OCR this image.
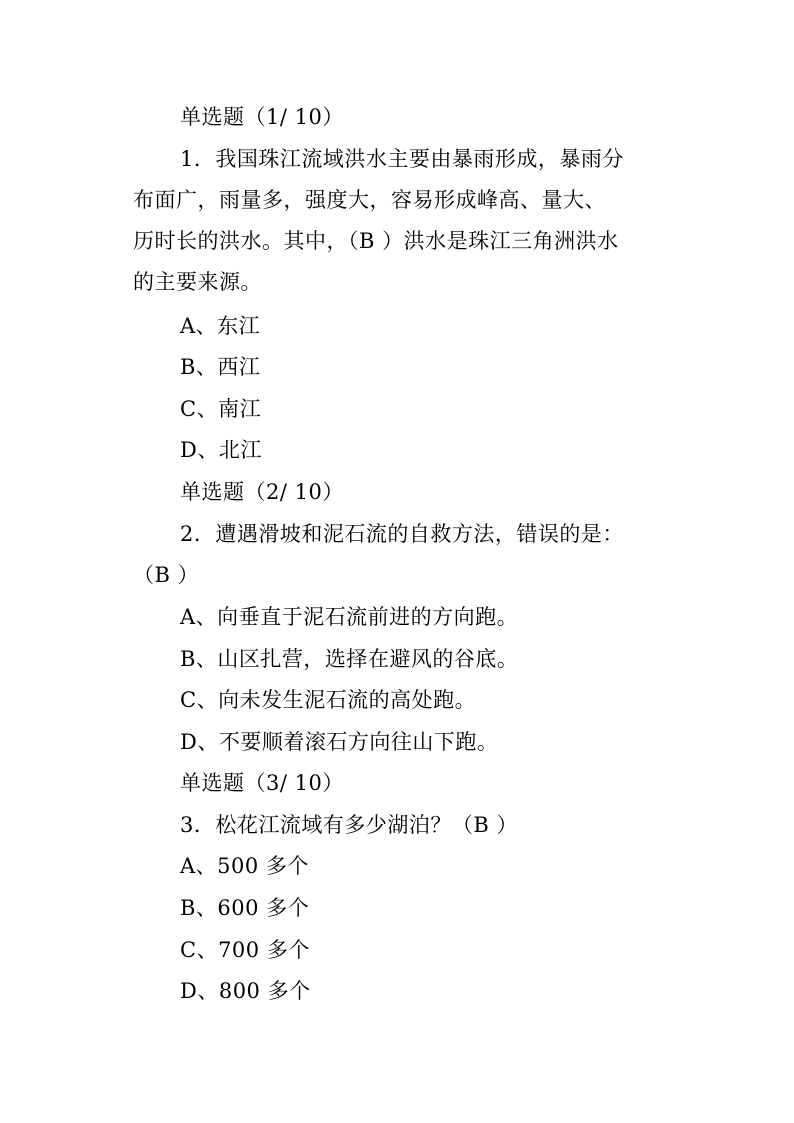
单选题（1/ 10）
1．我国珠江流域洪水主要由暴雨形成，暴雨分
布面广，雨量多，强度大，容易形成峰高、量大、
历时长的洪水。其中，（B ）洪水是珠江三角洲洪水
的主要来源。
A、东江
B、西江
C、南江
D、北江
单选题（2/ 10）
2．遭遇滑坡和泥石流的自救方法，错误的是：
（B ）
A、向垂直于泥石流前进的方向跑。
B、山区扎营，选择在避风的谷底。
C、向未发生泥石流的高处跑。
D、不要顺着滚石方向往山下跑。
单选题（3/ 10）
3．松花江流域有多少湖泊？（B ）
A、500 多个
B、600 多个
C、700 多个
D、800 多个
